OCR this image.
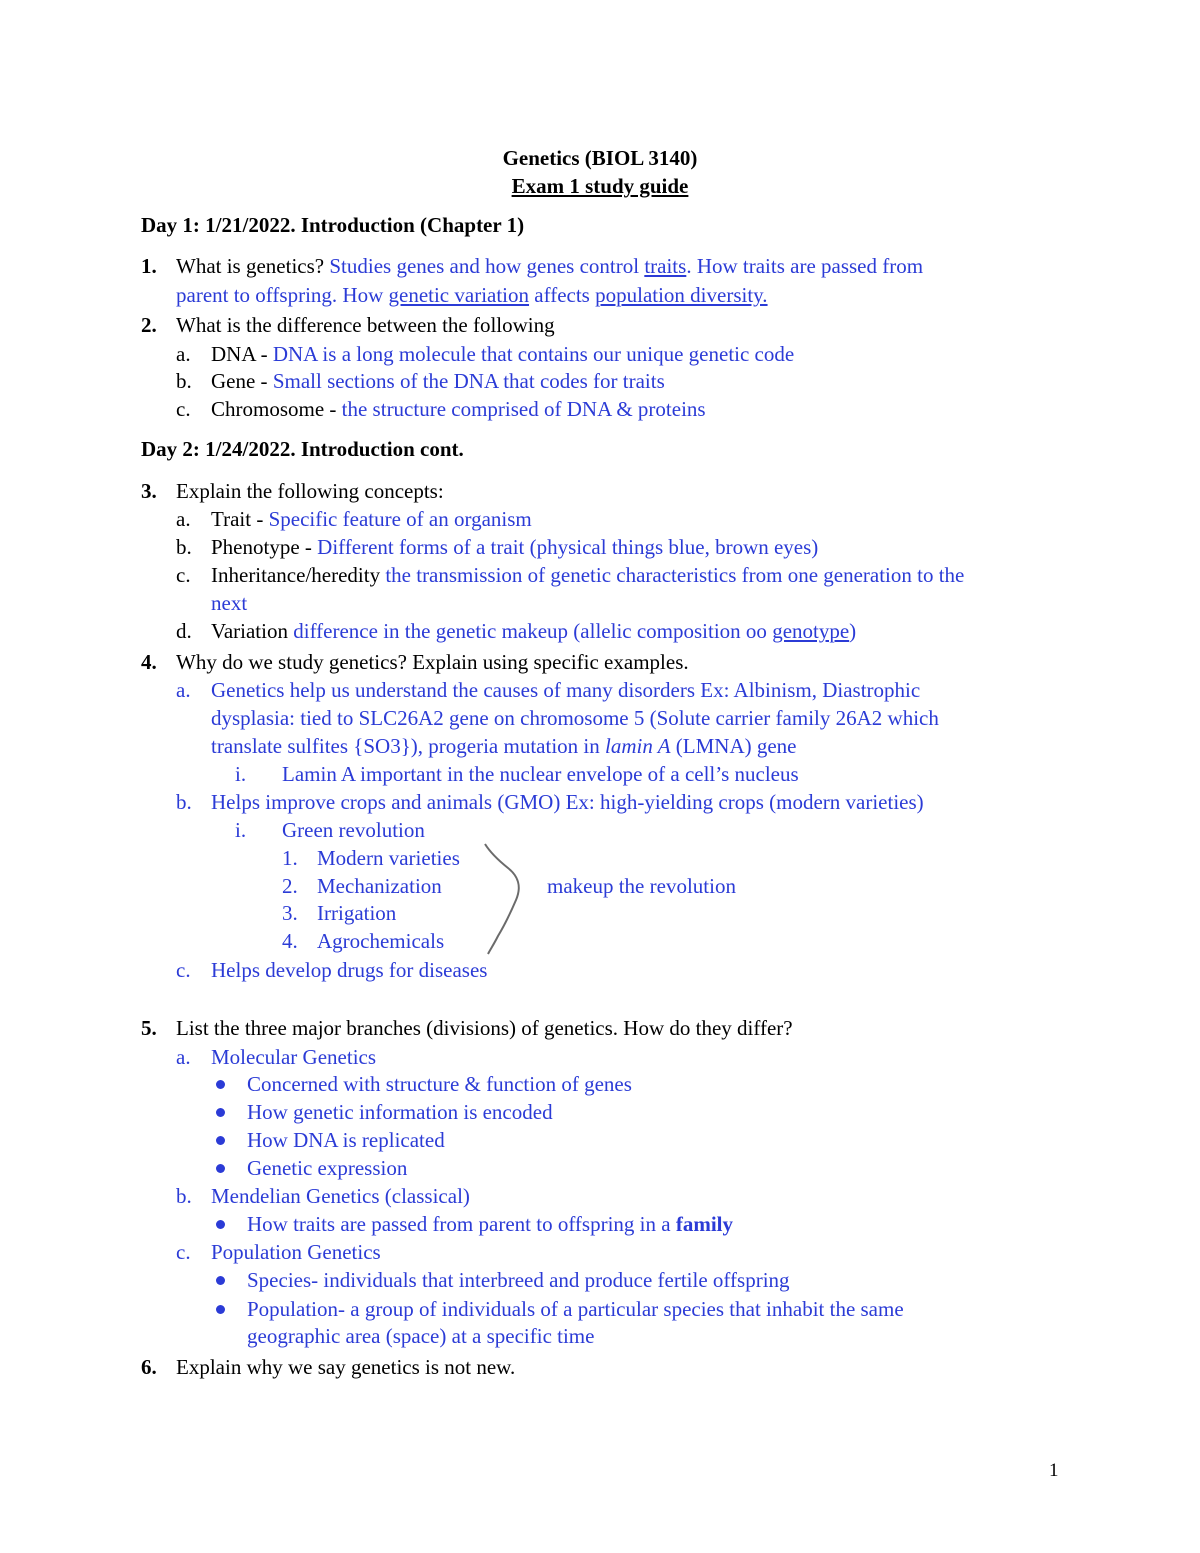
Genetics (BIOL 3140)
Exam 1 study guide
Day 1: 1/21/2022. Introduction (Chapter 1)
1. What is genetics? Studies genes and how genes control traits. How traits are passed from
parent to offspring. How genetic variation affects population diversity.
2. What is the difference between the following
a. DNA - DNA is a long molecule that contains our unique genetic code
b. Gene - Small sections of the DNA that codes for traits
c. Chromosome - the structure comprised of DNA & proteins
Day 2: 1/24/2022. Introduction cont.
3. Explain the following concepts:
a. Trait - Specific feature of an organism
b. Phenotype - Different forms of a trait (physical things blue, brown eyes)
c. Inheritance/heredity the transmission of genetic characteristics from one generation to the
next
d. Variation difference in the genetic makeup (allelic composition oo genotype)
4. Why do we study genetics? Explain using specific examples.
a. Genetics help us understand the causes of many disorders Ex: Albinism, Diastrophic
dysplasia: tied to SLC26A2 gene on chromosome 5 (Solute carrier family 26A2 which
translate sulfites {SO3}), progeria mutation in lamin A (LMNA) gene
i. Lamin A important in the nuclear envelope of a cell’s nucleus
b. Helps improve crops and animals (GMO) Ex: high-yielding crops (modern varieties)
i. Green revolution
1. Modern varieties
2. Mechanization
3. Irrigation
4. Agrochemicals
makeup the revolution
c. Helps develop drugs for diseases
5. List the three major branches (divisions) of genetics. How do they differ?
a. Molecular Genetics
Concerned with structure & function of genes
How genetic information is encoded
How DNA is replicated
Genetic expression
b. Mendelian Genetics (classical)
How traits are passed from parent to offspring in a family
c. Population Genetics
Species- individuals that interbreed and produce fertile offspring
Population- a group of individuals of a particular species that inhabit the same
geographic area (space) at a specific time
6. Explain why we say genetics is not new.
1
